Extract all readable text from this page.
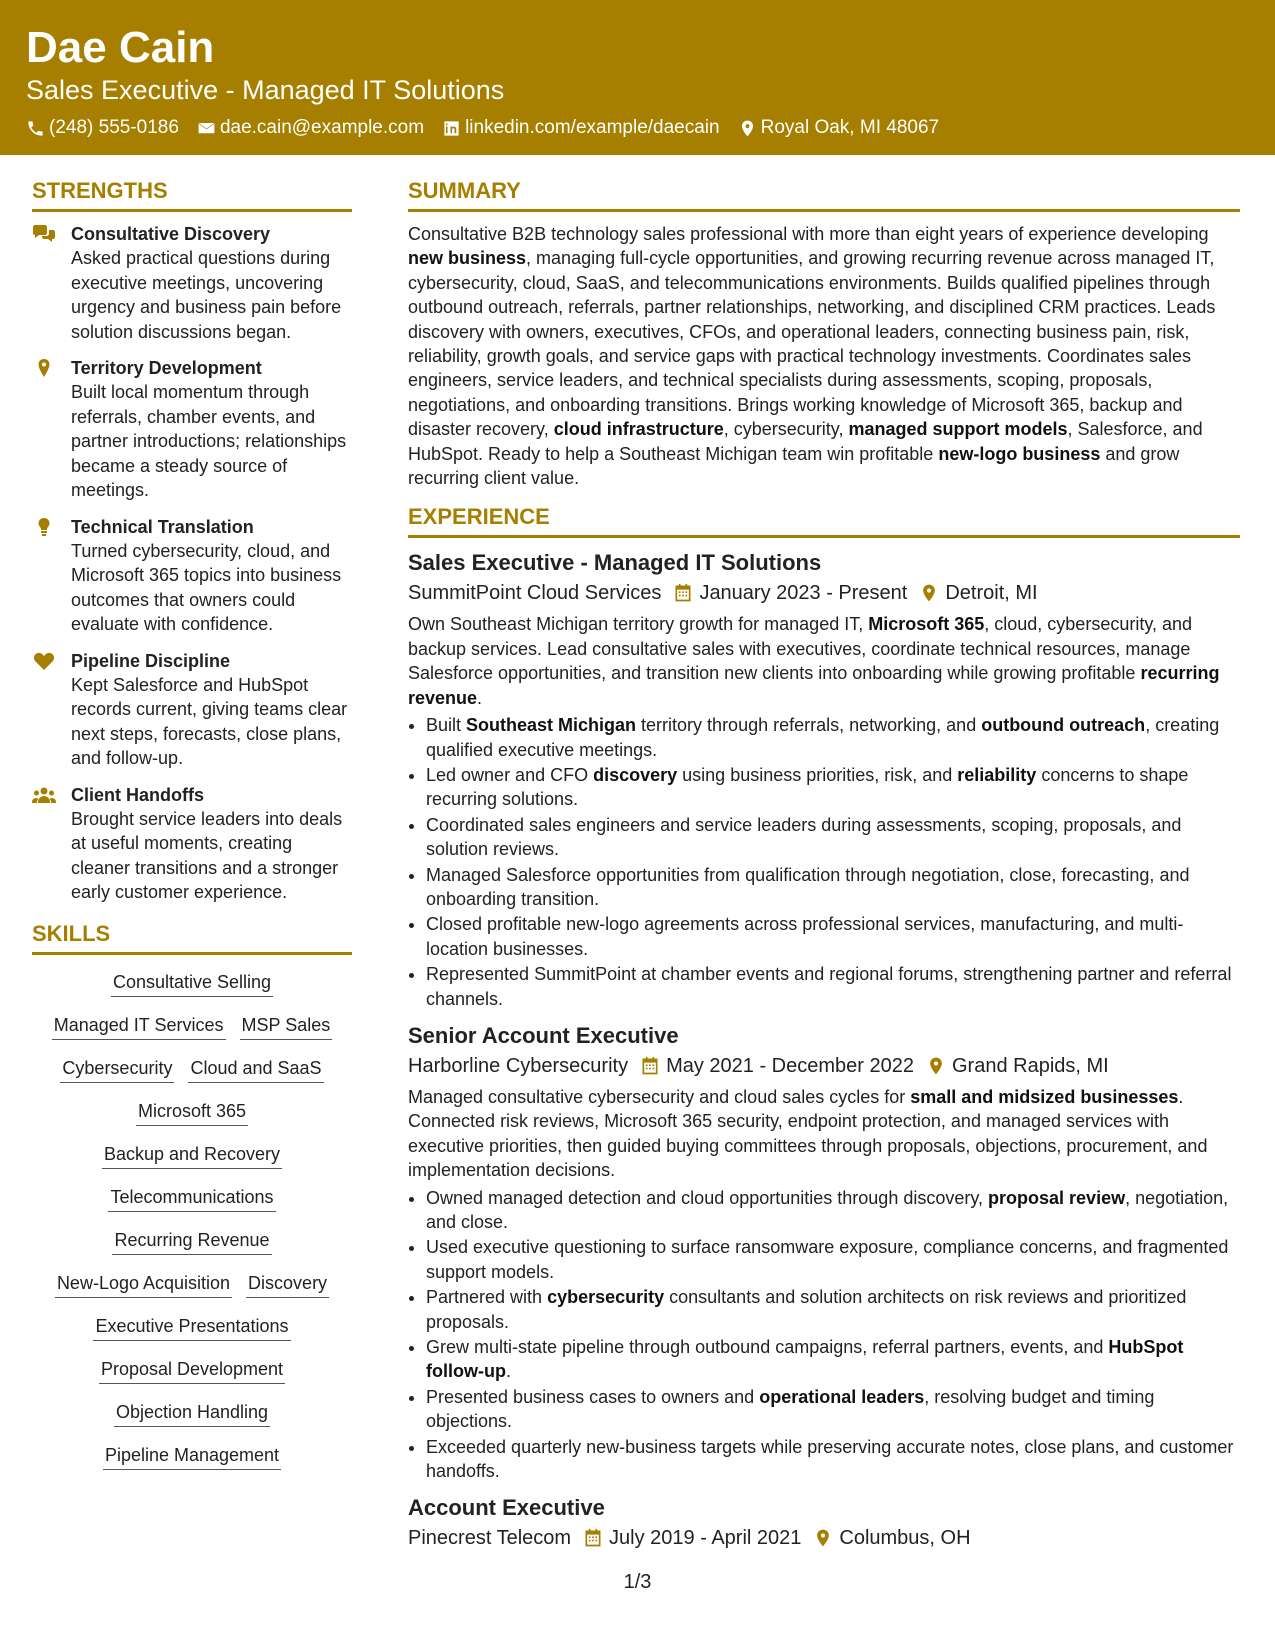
Dae Cain
Sales Executive - Managed IT Solutions
(248) 555-0186 dae.cain@example.com linkedin.com/example/daecain Royal Oak, MI 48067
STRENGTHS
Consultative Discovery
Asked practical questions during executive meetings, uncovering urgency and business pain before solution discussions began.
Territory Development
Built local momentum through referrals, chamber events, and partner introductions; relationships became a steady source of meetings.
Technical Translation
Turned cybersecurity, cloud, and Microsoft 365 topics into business outcomes that owners could evaluate with confidence.
Pipeline Discipline
Kept Salesforce and HubSpot records current, giving teams clear next steps, forecasts, close plans, and follow-up.
Client Handoffs
Brought service leaders into deals at useful moments, creating cleaner transitions and a stronger early customer experience.
SKILLS
Consultative Selling
Managed IT Services MSP Sales
Cybersecurity Cloud and SaaS
Microsoft 365
Backup and Recovery
Telecommunications
Recurring Revenue
New-Logo Acquisition Discovery
Executive Presentations
Proposal Development
Objection Handling
Pipeline Management
SUMMARY
Consultative B2B technology sales professional with more than eight years of experience developing new business, managing full-cycle opportunities, and growing recurring revenue across managed IT, cybersecurity, cloud, SaaS, and telecommunications environments. Builds qualified pipelines through outbound outreach, referrals, partner relationships, networking, and disciplined CRM practices. Leads discovery with owners, executives, CFOs, and operational leaders, connecting business pain, risk, reliability, growth goals, and service gaps with practical technology investments. Coordinates sales engineers, service leaders, and technical specialists during assessments, scoping, proposals, negotiations, and onboarding transitions. Brings working knowledge of Microsoft 365, backup and disaster recovery, cloud infrastructure, cybersecurity, managed support models, Salesforce, and HubSpot. Ready to help a Southeast Michigan team win profitable new-logo business and grow recurring client value.
EXPERIENCE
Sales Executive - Managed IT Solutions
SummitPoint Cloud Services January 2023 - Present Detroit, MI
Own Southeast Michigan territory growth for managed IT, Microsoft 365, cloud, cybersecurity, and backup services. Lead consultative sales with executives, coordinate technical resources, manage Salesforce opportunities, and transition new clients into onboarding while growing profitable recurring revenue.
• Built Southeast Michigan territory through referrals, networking, and outbound outreach, creating qualified executive meetings.
• Led owner and CFO discovery using business priorities, risk, and reliability concerns to shape recurring solutions.
• Coordinated sales engineers and service leaders during assessments, scoping, proposals, and solution reviews.
• Managed Salesforce opportunities from qualification through negotiation, close, forecasting, and onboarding transition.
• Closed profitable new-logo agreements across professional services, manufacturing, and multi-location businesses.
• Represented SummitPoint at chamber events and regional forums, strengthening partner and referral channels.
Senior Account Executive
Harborline Cybersecurity May 2021 - December 2022 Grand Rapids, MI
Managed consultative cybersecurity and cloud sales cycles for small and midsized businesses. Connected risk reviews, Microsoft 365 security, endpoint protection, and managed services with executive priorities, then guided buying committees through proposals, objections, procurement, and implementation decisions.
• Owned managed detection and cloud opportunities through discovery, proposal review, negotiation, and close.
• Used executive questioning to surface ransomware exposure, compliance concerns, and fragmented support models.
• Partnered with cybersecurity consultants and solution architects on risk reviews and prioritized proposals.
• Grew multi-state pipeline through outbound campaigns, referral partners, events, and HubSpot follow-up.
• Presented business cases to owners and operational leaders, resolving budget and timing objections.
• Exceeded quarterly new-business targets while preserving accurate notes, close plans, and customer handoffs.
Account Executive
Pinecrest Telecom July 2019 - April 2021 Columbus, OH
1/3
